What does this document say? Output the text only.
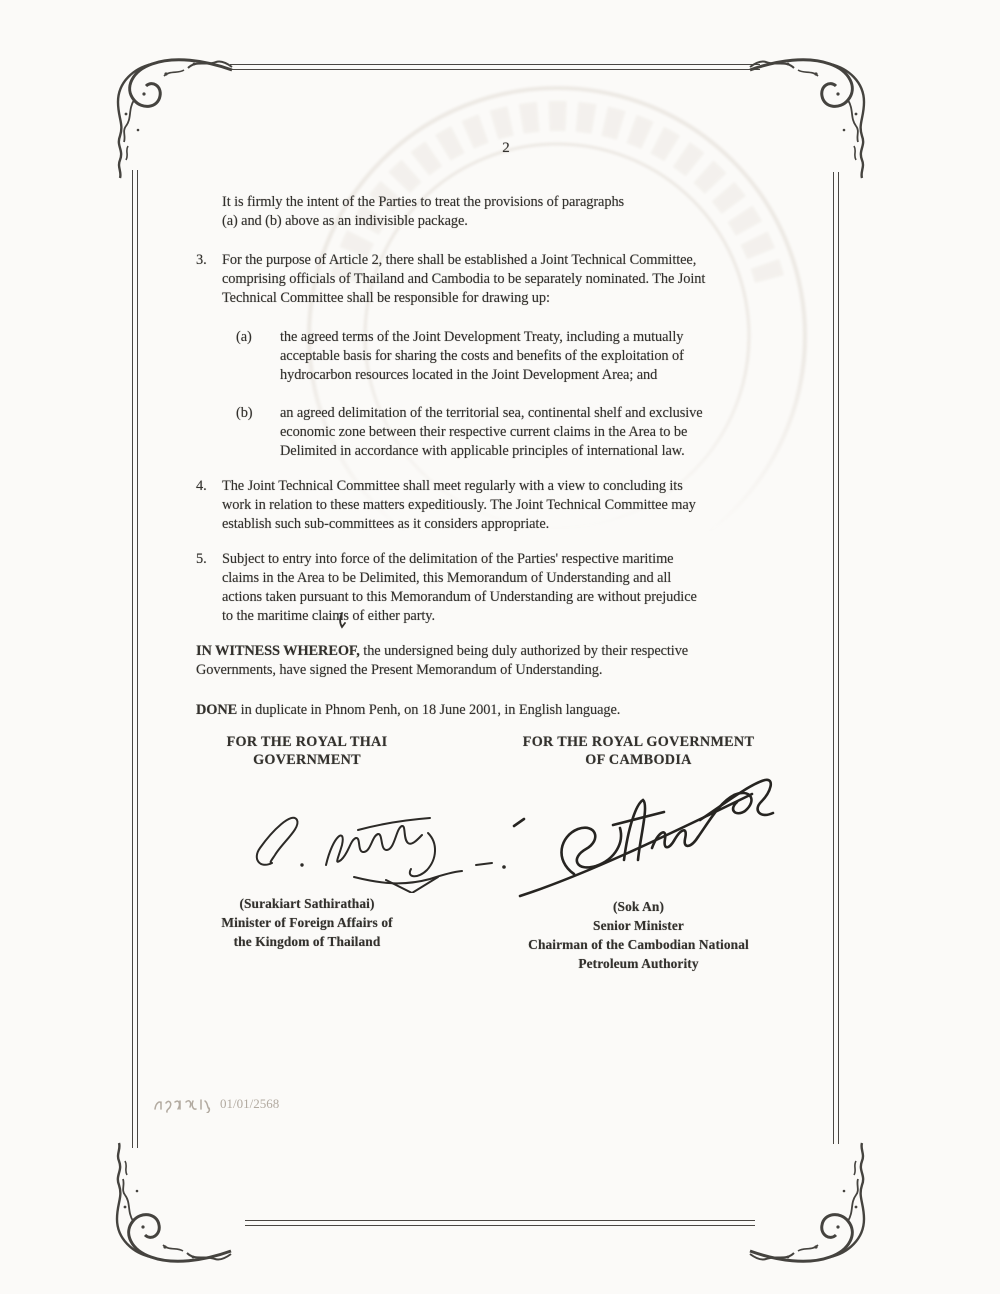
2
It is firmly the intent of the Parties to treat the provisions of paragraphs
(a) and (b) above as an indivisible package.
3. For the purpose of Article 2, there shall be established a Joint Technical Committee,
comprising officials of Thailand and Cambodia to be separately nominated. The Joint
Technical Committee shall be responsible for drawing up:
(a) the agreed terms of the Joint Development Treaty, including a mutually
acceptable basis for sharing the costs and benefits of the exploitation of
hydrocarbon resources located in the Joint Development Area; and
(b) an agreed delimitation of the territorial sea, continental shelf and exclusive
economic zone between their respective current claims in the Area to be
Delimited in accordance with applicable principles of international law.
4. The Joint Technical Committee shall meet regularly with a view to concluding its
work in relation to these matters expeditiously. The Joint Technical Committee may
establish such sub-committees as it considers appropriate.
5. Subject to entry into force of the delimitation of the Parties' respective maritime
claims in the Area to be Delimited, this Memorandum of Understanding and all
actions taken pursuant to this Memorandum of Understanding are without prejudice
to the maritime claims of either party.
IN WITNESS WHEREOF, the undersigned being duly authorized by their respective
Governments, have signed the Present Memorandum of Understanding.
DONE in duplicate in Phnom Penh, on 18 June 2001, in English language.
FOR THE ROYAL THAI
GOVERNMENT
FOR THE ROYAL GOVERNMENT
OF CAMBODIA
(Surakiart Sathirathai)
Minister of Foreign Affairs of
the Kingdom of Thailand
(Sok An)
Senior Minister
Chairman of the Cambodian National
Petroleum Authority
01/01/2568
